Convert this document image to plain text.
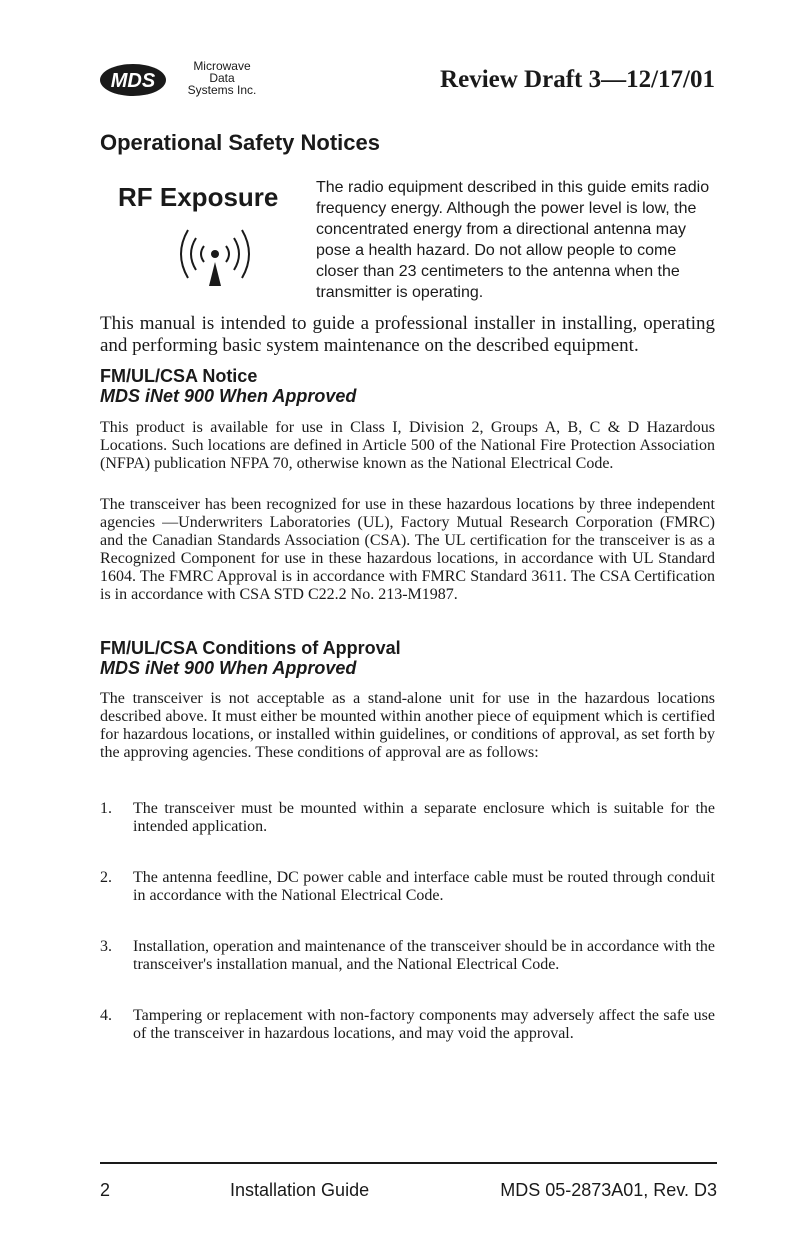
MDS
Microwave
Data
Systems Inc.	Review Draft 3—12/17/01
Operational Safety Notices
RF Exposure The radio equipment described in this guide emits radio frequency energy. Although the power level is low, the concentrated energy from a directional antenna may pose a health hazard. Do not allow people to come closer than 23 centimeters to the antenna when the transmitter is operating.

This manual is intended to guide a professional installer in installing, operating and performing basic system maintenance on the described equipment.

FM/UL/CSA Notice
MDS iNet 900 When Approved

This product is available for use in Class I, Division 2, Groups A, B, C & D Hazardous Locations. Such locations are defined in Article 500 of the National Fire Protection Association (NFPA) publication NFPA 70, otherwise known as the National Electrical Code.

The transceiver has been recognized for use in these hazardous locations by three independent agencies —Underwriters Laboratories (UL), Factory Mutual Research Corporation (FMRC) and the Canadian Standards Association (CSA). The UL certification for the transceiver is as a Recognized Component for use in these hazardous locations, in accordance with UL Standard 1604. The FMRC Approval is in accordance with FMRC Standard 3611. The CSA Certification is in accordance with CSA STD C22.2 No. 213-M1987.

FM/UL/CSA Conditions of Approval
MDS iNet 900 When Approved

The transceiver is not acceptable as a stand-alone unit for use in the hazardous locations described above. It must either be mounted within another piece of equipment which is certified for hazardous locations, or installed within guidelines, or conditions of approval, as set forth by the approving agencies. These conditions of approval are as follows:

1. The transceiver must be mounted within a separate enclosure which is suitable for the intended application.
2. The antenna feedline, DC power cable and interface cable must be routed through conduit in accordance with the National Electrical Code.
3. Installation, operation and maintenance of the transceiver should be in accordance with the transceiver's installation manual, and the National Electrical Code.
4. Tampering or replacement with non-factory components may adversely affect the safe use of the transceiver in hazardous locations, and may void the approval.
2	Installation Guide	MDS 05-2873A01, Rev. D3
